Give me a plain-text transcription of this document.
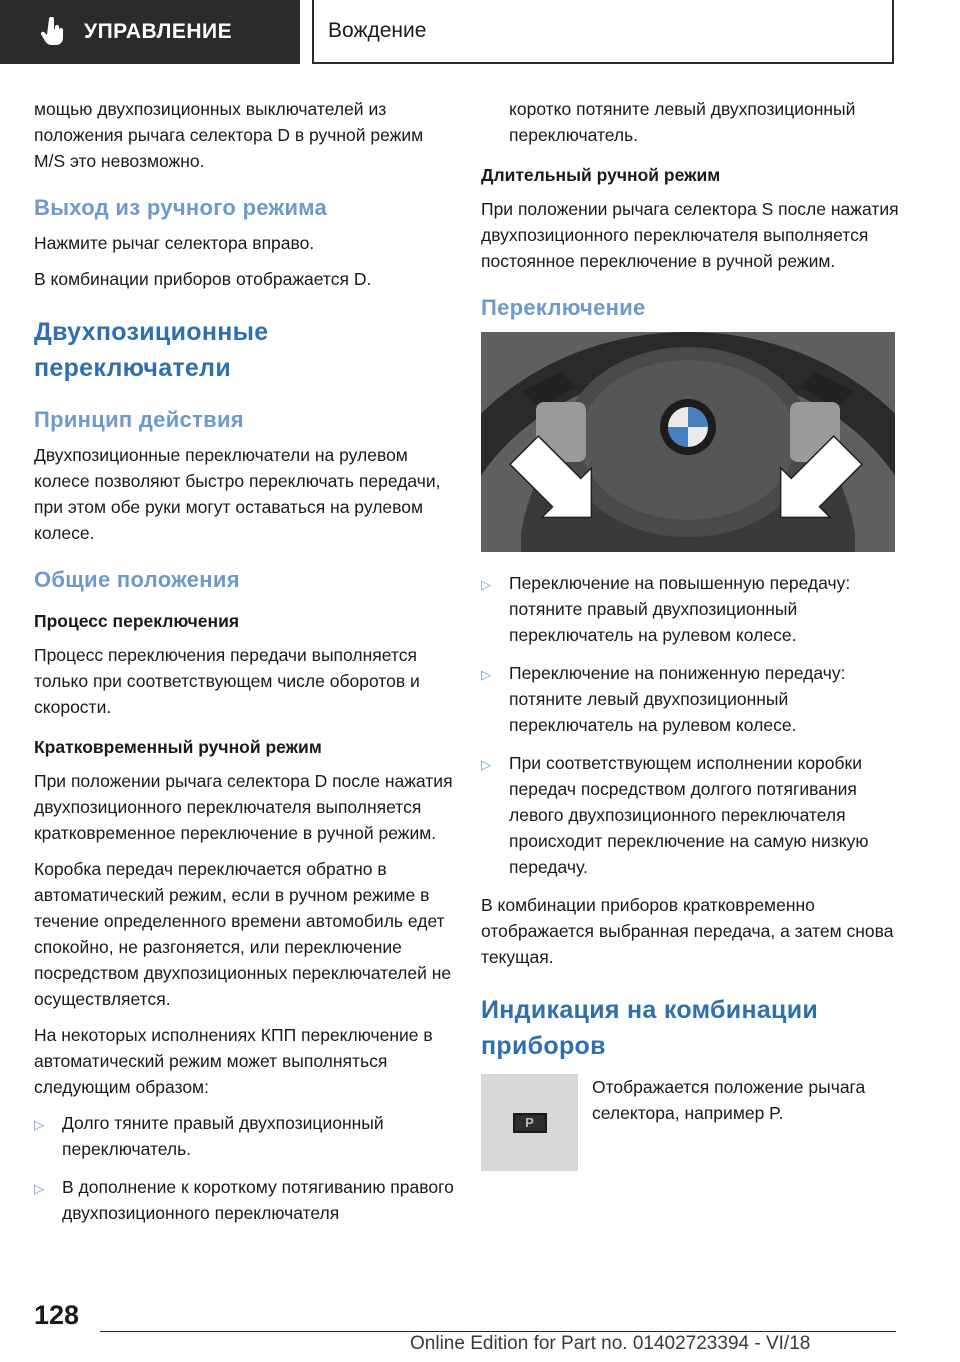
УПРАВЛЕНИЕ	Вождение

мощью двухпозиционных выключателей из положения рычага селектора D в ручной режим M/S это невозможно.

Выход из ручного режима

Нажмите рычаг селектора вправо.

В комбинации приборов отображается D.

Двухпозиционные переключатели
Принцип действия

Двухпозиционные переключатели на рулевом колесе позволяют быстро переключать передачи, при этом обе руки могут оставаться на рулевом колесе.

Общие положения
Процесс переключения

Процесс переключения передачи выполняется только при соответствующем числе оборотов и скорости.

Кратковременный ручной режим

При положении рычага селектора D после нажатия двухпозиционного переключателя выполняется кратковременное переключение в ручной режим.

Коробка передач переключается обратно в автоматический режим, если в ручном режиме в течение определенного времени автомобиль едет спокойно, не разгоняется, или переключение посредством двухпозиционных переключателей не осуществляется.

На некоторых исполнениях КПП переключение в автоматический режим может выполняться следующим образом:

▷ Долго тяните правый двухпозиционный переключатель.
▷ В дополнение к короткому потягиванию правого двухпозиционного переключателя

коротко потяните левый двухпозиционный переключатель.

Длительный ручной режим

При положении рычага селектора S после нажатия двухпозиционного переключателя выполняется постоянное переключение в ручной режим.

Переключение
▷ Переключение на повышенную передачу: потяните правый двухпозиционный переключатель на рулевом колесе.
▷ Переключение на пониженную передачу: потяните левый двухпозиционный переключатель на рулевом колесе.
▷ При соответствующем исполнении коробки передач посредством долгого потягивания левого двухпозиционного переключателя происходит переключение на самую низкую передачу.

В комбинации приборов кратковременно отображается выбранная передача, а затем снова текущая.

Индикация на комбинации приборов
P
Отображается положение рычага селектора, например P.
128
Online Edition for Part no. 01402723394 - VI/18
